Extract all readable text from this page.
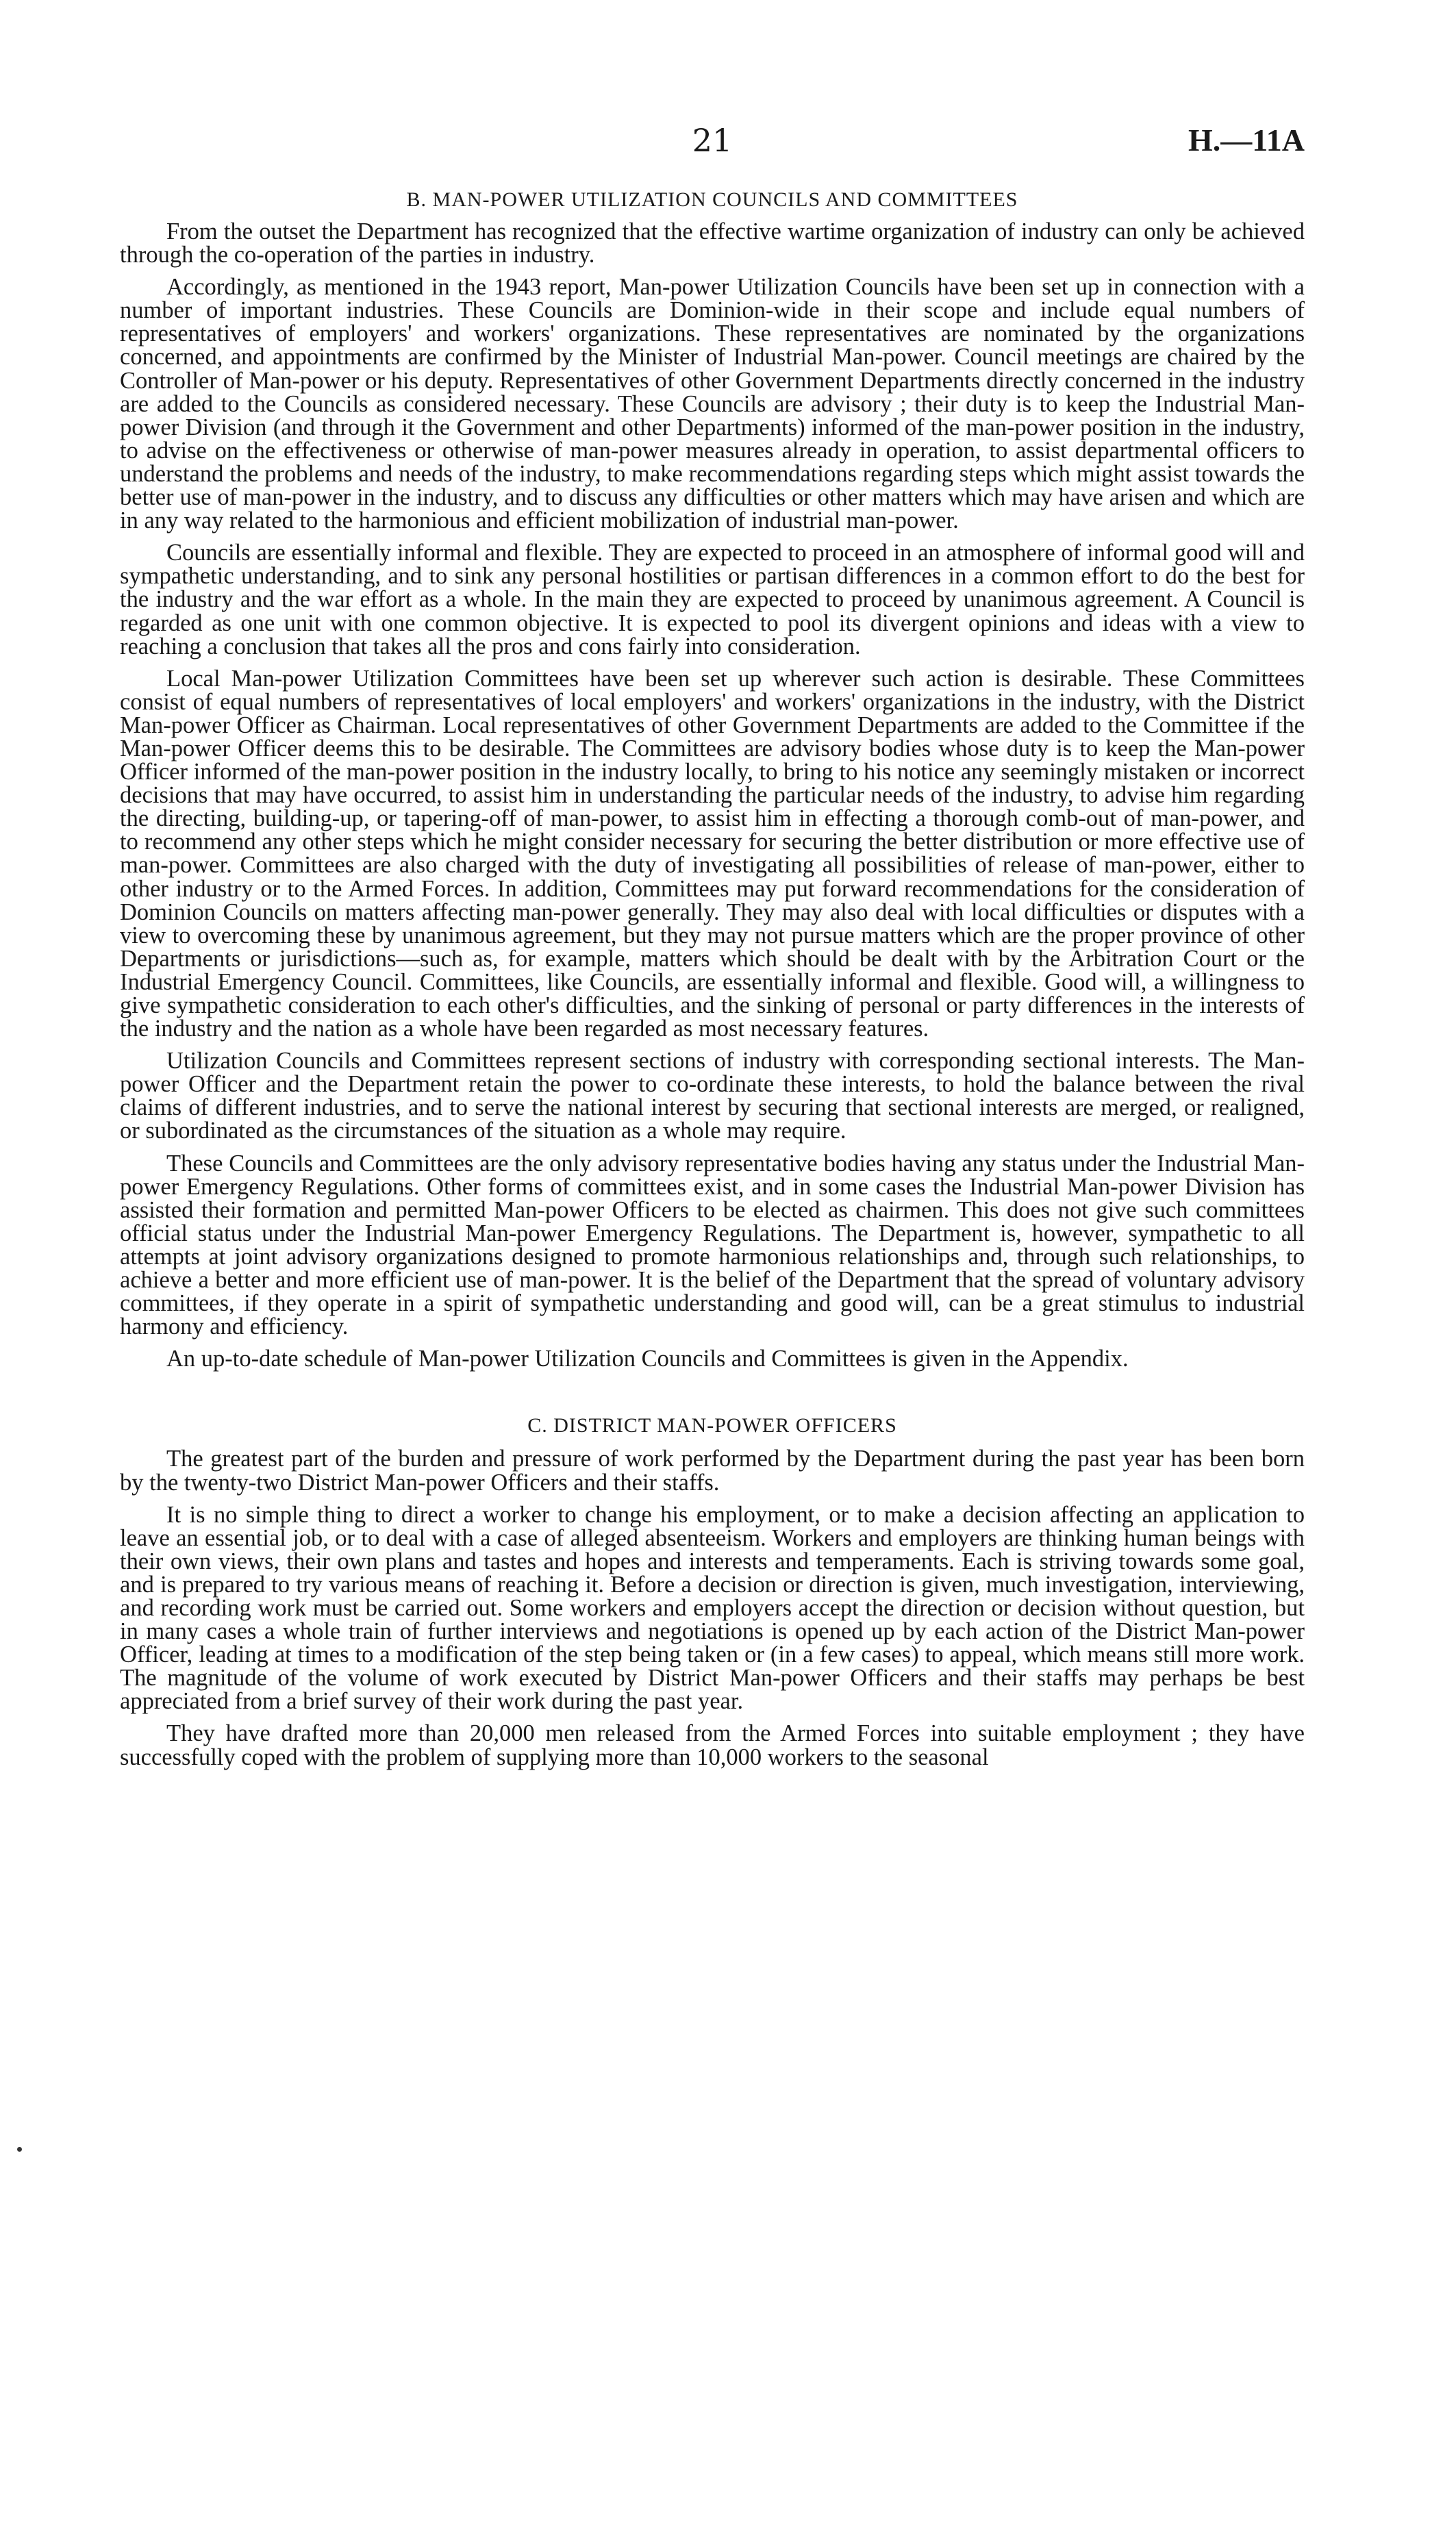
21	H.—11A
B. MAN-POWER UTILIZATION COUNCILS AND COMMITTEES

From the outset the Department has recognized that the effective wartime organization of industry can only be achieved through the co-operation of the parties in industry.

Accordingly, as mentioned in the 1943 report, Man-power Utilization Councils have been set up in connection with a number of important industries. These Councils are Dominion-wide in their scope and include equal numbers of representatives of employers' and workers' organizations. These representatives are nominated by the organizations concerned, and appointments are confirmed by the Minister of Industrial Man-power. Council meetings are chaired by the Controller of Man-power or his deputy. Representatives of other Government Departments directly concerned in the industry are added to the Councils as considered necessary. These Councils are advisory ; their duty is to keep the Industrial Man-power Division (and through it the Government and other Departments) informed of the man-power position in the industry, to advise on the effectiveness or otherwise of man-power measures already in operation, to assist departmental officers to understand the problems and needs of the industry, to make recommendations regarding steps which might assist towards the better use of man-power in the industry, and to discuss any difficulties or other matters which may have arisen and which are in any way related to the harmonious and efficient mobilization of industrial man-power.

Councils are essentially informal and flexible. They are expected to proceed in an atmosphere of informal good will and sympathetic understanding, and to sink any personal hostilities or partisan differences in a common effort to do the best for the industry and the war effort as a whole. In the main they are expected to proceed by unanimous agreement. A Council is regarded as one unit with one common objective. It is expected to pool its divergent opinions and ideas with a view to reaching a conclusion that takes all the pros and cons fairly into consideration.

Local Man-power Utilization Committees have been set up wherever such action is desirable. These Committees consist of equal numbers of representatives of local employers' and workers' organizations in the industry, with the District Man-power Officer as Chairman. Local representatives of other Government Departments are added to the Committee if the Man-power Officer deems this to be desirable. The Committees are advisory bodies whose duty is to keep the Man-power Officer informed of the man-power position in the industry locally, to bring to his notice any seemingly mistaken or incorrect decisions that may have occurred, to assist him in understanding the particular needs of the industry, to advise him regarding the directing, building-up, or tapering-off of man-power, to assist him in effecting a thorough comb-out of man-power, and to recommend any other steps which he might consider necessary for securing the better distribution or more effective use of man-power. Committees are also charged with the duty of investigating all possibilities of release of man-power, either to other industry or to the Armed Forces. In addition, Committees may put forward recommendations for the consideration of Dominion Councils on matters affecting man-power generally. They may also deal with local difficulties or disputes with a view to overcoming these by unanimous agreement, but they may not pursue matters which are the proper province of other Departments or jurisdictions—such as, for example, matters which should be dealt with by the Arbitration Court or the Industrial Emergency Council. Committees, like Councils, are essentially informal and flexible. Good will, a willingness to give sympathetic consideration to each other's difficulties, and the sinking of personal or party differences in the interests of the industry and the nation as a whole have been regarded as most necessary features.

Utilization Councils and Committees represent sections of industry with corresponding sectional interests. The Man-power Officer and the Department retain the power to co-ordinate these interests, to hold the balance between the rival claims of different industries, and to serve the national interest by securing that sectional interests are merged, or realigned, or subordinated as the circumstances of the situation as a whole may require.

These Councils and Committees are the only advisory representative bodies having any status under the Industrial Man-power Emergency Regulations. Other forms of committees exist, and in some cases the Industrial Man-power Division has assisted their formation and permitted Man-power Officers to be elected as chairmen. This does not give such committees official status under the Industrial Man-power Emergency Regulations. The Department is, however, sympathetic to all attempts at joint advisory organizations designed to promote harmonious relationships and, through such relationships, to achieve a better and more efficient use of man-power. It is the belief of the Department that the spread of voluntary advisory committees, if they operate in a spirit of sympathetic understanding and good will, can be a great stimulus to industrial harmony and efficiency.

An up-to-date schedule of Man-power Utilization Councils and Committees is given in the Appendix.

C. DISTRICT MAN-POWER OFFICERS

The greatest part of the burden and pressure of work performed by the Department during the past year has been born by the twenty-two District Man-power Officers and their staffs.

It is no simple thing to direct a worker to change his employment, or to make a decision affecting an application to leave an essential job, or to deal with a case of alleged absenteeism. Workers and employers are thinking human beings with their own views, their own plans and tastes and hopes and interests and temperaments. Each is striving towards some goal, and is prepared to try various means of reaching it. Before a decision or direction is given, much investigation, interviewing, and recording work must be carried out. Some workers and employers accept the direction or decision without question, but in many cases a whole train of further interviews and negotiations is opened up by each action of the District Man-power Officer, leading at times to a modification of the step being taken or (in a few cases) to appeal, which means still more work. The magnitude of the volume of work executed by District Man-power Officers and their staffs may perhaps be best appreciated from a brief survey of their work during the past year.

They have drafted more than 20,000 men released from the Armed Forces into suitable employment ; they have successfully coped with the problem of supplying more than 10,000 workers to the seasonal
